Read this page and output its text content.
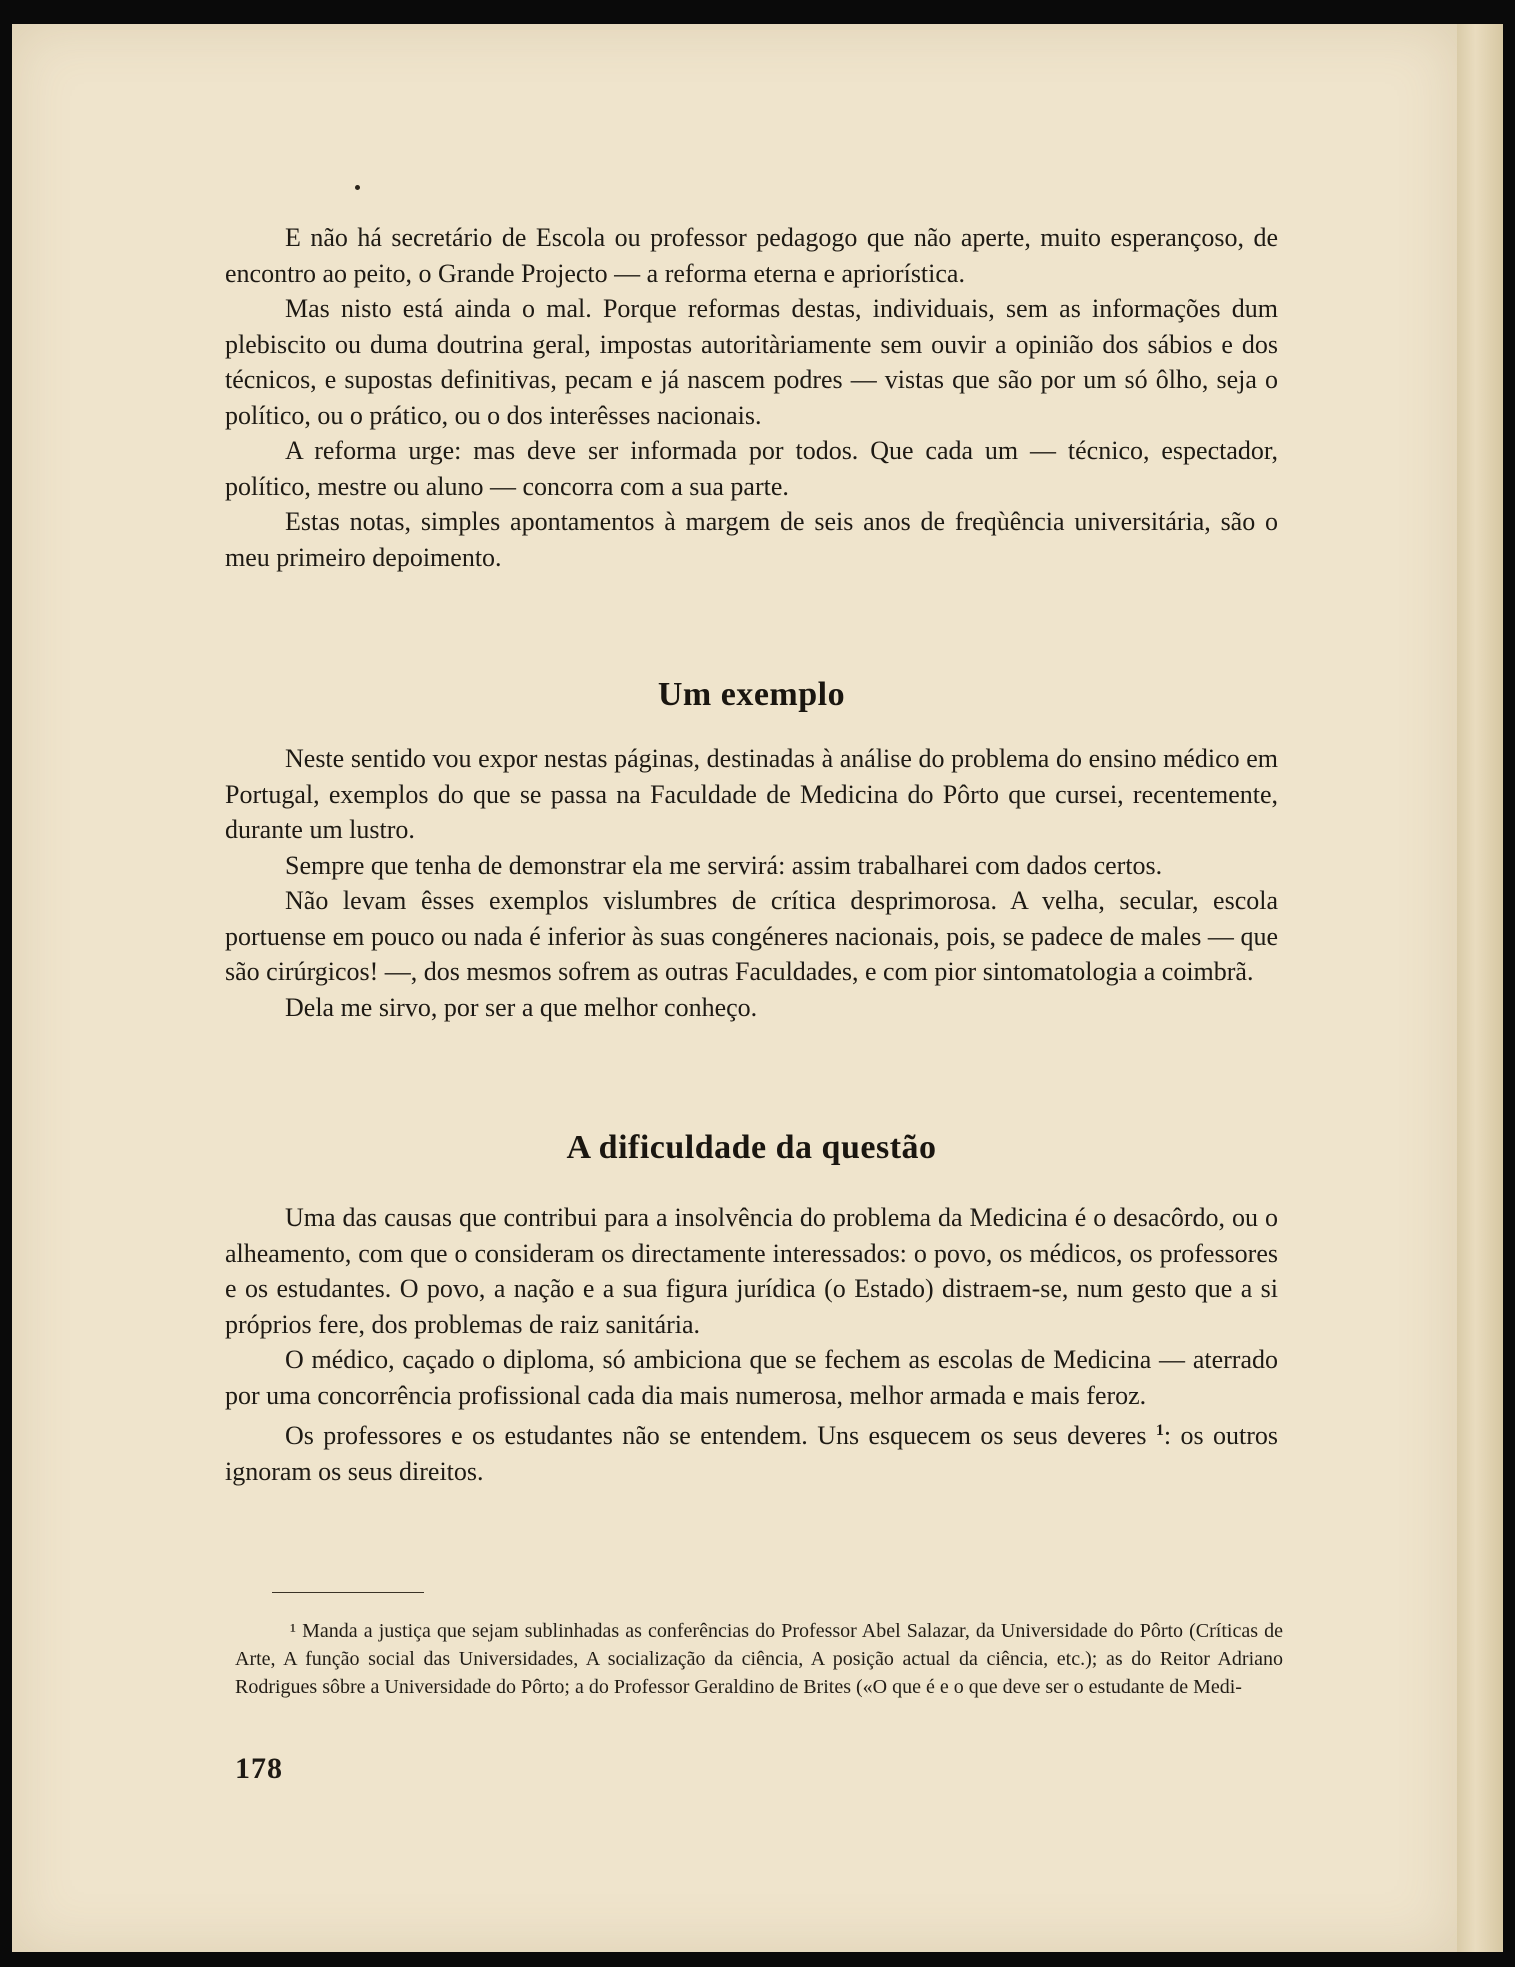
E não há secretário de Escola ou professor pedagogo que não aperte, muito esperançoso, de encontro ao peito, o Grande Projecto — a reforma eterna e apriorística.

Mas nisto está ainda o mal. Porque reformas destas, individuais, sem as informações dum plebiscito ou duma doutrina geral, impostas autoritàriamente sem ouvir a opinião dos sábios e dos técnicos, e supostas definitivas, pecam e já nascem podres — vistas que são por um só ôlho, seja o político, ou o prático, ou o dos interêsses nacionais.

A reforma urge: mas deve ser informada por todos. Que cada um — técnico, espectador, político, mestre ou aluno — concorra com a sua parte.

Estas notas, simples apontamentos à margem de seis anos de freqùência universitária, são o meu primeiro depoimento.

Um exemplo

Neste sentido vou expor nestas páginas, destinadas à análise do problema do ensino médico em Portugal, exemplos do que se passa na Faculdade de Medicina do Pôrto que cursei, recentemente, durante um lustro.

Sempre que tenha de demonstrar ela me servirá: assim trabalharei com dados certos.

Não levam êsses exemplos vislumbres de crítica desprimorosa. A velha, secular, escola portuense em pouco ou nada é inferior às suas congéneres nacionais, pois, se padece de males — que são cirúrgicos! —, dos mesmos sofrem as outras Faculdades, e com pior sintomatologia a coimbrã.

Dela me sirvo, por ser a que melhor conheço.

A dificuldade da questão

Uma das causas que contribui para a insolvência do problema da Medicina é o desacôrdo, ou o alheamento, com que o consideram os directamente interessados: o povo, os médicos, os professores e os estudantes. O povo, a nação e a sua figura jurídica (o Estado) distraem-se, num gesto que a si próprios fere, dos problemas de raiz sanitária.

O médico, caçado o diploma, só ambiciona que se fechem as escolas de Medicina — aterrado por uma concorrência profissional cada dia mais numerosa, melhor armada e mais feroz.

Os professores e os estudantes não se entendem. Uns esquecem os seus deveres $^1$: os outros ignoram os seus direitos.

¹ Manda a justiça que sejam sublinhadas as conferências do Professor Abel Salazar, da Universidade do Pôrto (Críticas de Arte, A função social das Universidades, A socialização da ciência, A posição actual da ciência, etc.); as do Reitor Adriano Rodrigues sôbre a Universidade do Pôrto; a do Professor Geraldino de Brites («O que é e o que deve ser o estudante de Medi-

178
